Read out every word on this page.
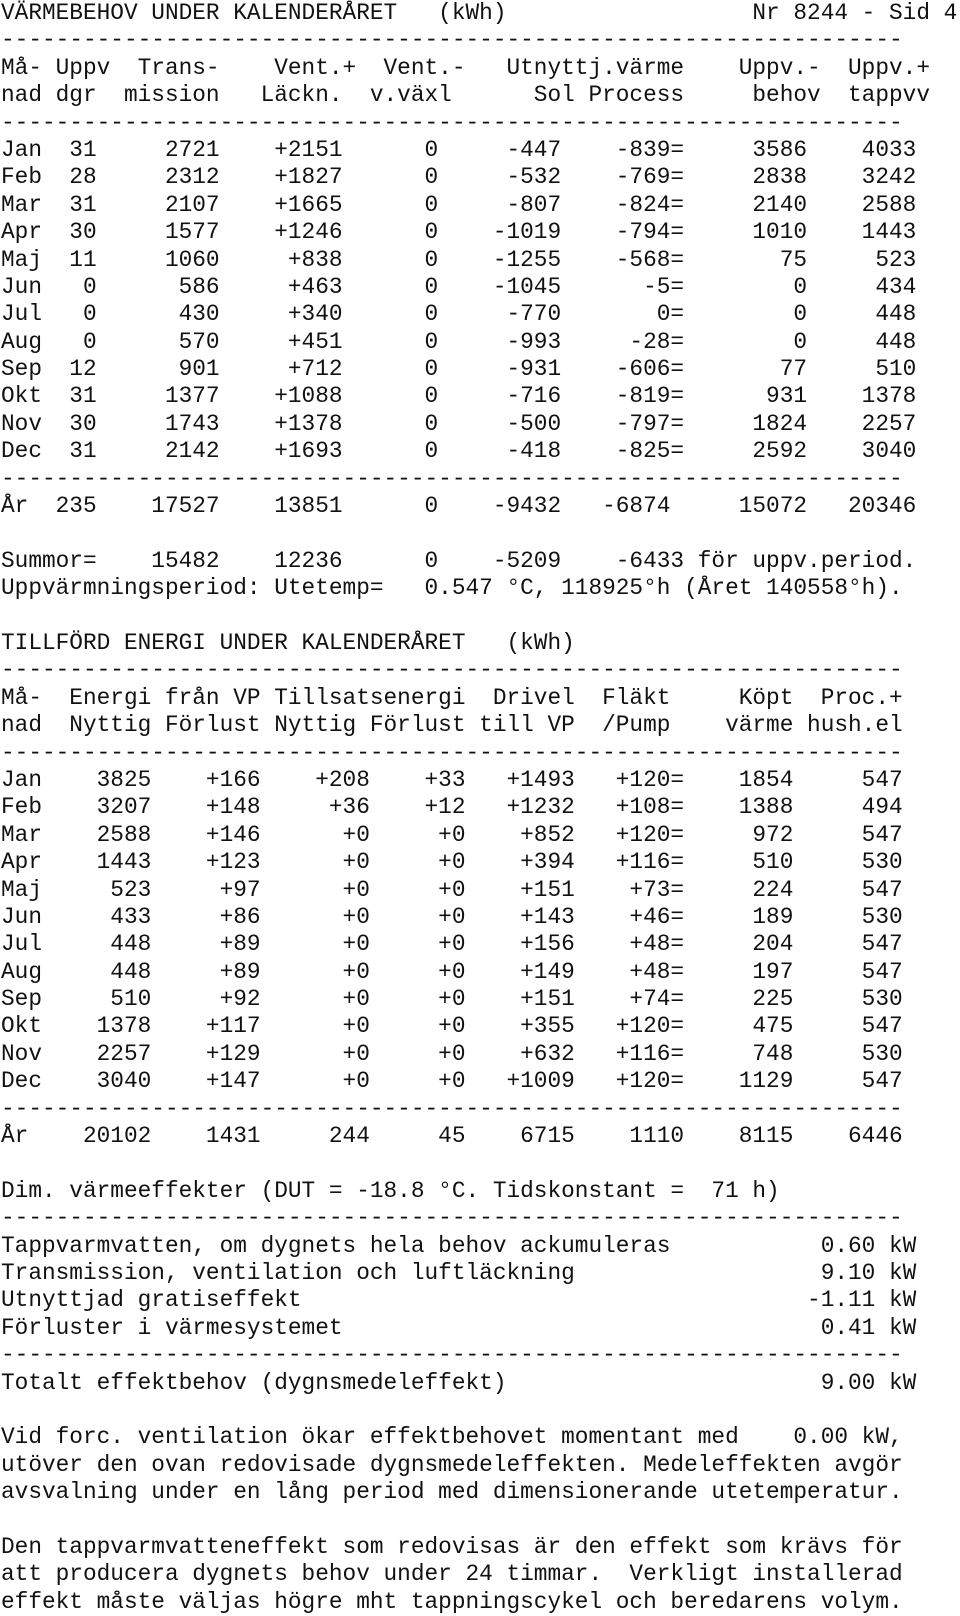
VÄRMEBEHOV UNDER KALENDERÅRET   (kWh)                  Nr 8244 - Sid 4
------------------------------------------------------------------
Må- Uppv  Trans-    Vent.+  Vent.-   Utnyttj.värme    Uppv.-  Uppv.+
nad dgr  mission   Läckn.  v.växl      Sol Process     behov  tappvv
------------------------------------------------------------------
Jan  31     2721    +2151      0     -447    -839=     3586    4033
Feb  28     2312    +1827      0     -532    -769=     2838    3242
Mar  31     2107    +1665      0     -807    -824=     2140    2588
Apr  30     1577    +1246      0    -1019    -794=     1010    1443
Maj  11     1060     +838      0    -1255    -568=       75     523
Jun   0      586     +463      0    -1045      -5=        0     434
Jul   0      430     +340      0     -770       0=        0     448
Aug   0      570     +451      0     -993     -28=        0     448
Sep  12      901     +712      0     -931    -606=       77     510
Okt  31     1377    +1088      0     -716    -819=      931    1378
Nov  30     1743    +1378      0     -500    -797=     1824    2257
Dec  31     2142    +1693      0     -418    -825=     2592    3040
------------------------------------------------------------------
År  235    17527    13851      0    -9432   -6874     15072   20346
Summor=    15482    12236      0    -5209    -6433 för uppv.period.
Uppvärmningsperiod: Utetemp=   0.547 °C, 118925°h (Året 140558°h).
TILLFÖRD ENERGI UNDER KALENDERÅRET   (kWh)
------------------------------------------------------------------
Må-  Energi från VP Tillsatsenergi  Drivel  Fläkt     Köpt  Proc.+
nad  Nyttig Förlust Nyttig Förlust till VP  /Pump    värme hush.el
------------------------------------------------------------------
Jan    3825    +166    +208    +33   +1493   +120=    1854     547
Feb    3207    +148     +36    +12   +1232   +108=    1388     494
Mar    2588    +146      +0     +0    +852   +120=     972     547
Apr    1443    +123      +0     +0    +394   +116=     510     530
Maj     523     +97      +0     +0    +151    +73=     224     547
Jun     433     +86      +0     +0    +143    +46=     189     530
Jul     448     +89      +0     +0    +156    +48=     204     547
Aug     448     +89      +0     +0    +149    +48=     197     547
Sep     510     +92      +0     +0    +151    +74=     225     530
Okt    1378    +117      +0     +0    +355   +120=     475     547
Nov    2257    +129      +0     +0    +632   +116=     748     530
Dec    3040    +147      +0     +0   +1009   +120=    1129     547
------------------------------------------------------------------
År    20102    1431     244     45    6715    1110    8115    6446
Dim. värmeeffekter (DUT = -18.8 °C. Tidskonstant =  71 h)
------------------------------------------------------------------
Tappvarmvatten, om dygnets hela behov ackumuleras           0.60 kW
Transmission, ventilation och luftläckning                  9.10 kW
Utnyttjad gratiseffekt                                     -1.11 kW
Förluster i värmesystemet                                   0.41 kW
------------------------------------------------------------------
Totalt effektbehov (dygnsmedeleffekt)                       9.00 kW
Vid forc. ventilation ökar effektbehovet momentant med    0.00 kW,
utöver den ovan redovisade dygnsmedeleffekten. Medeleffekten avgör
avsvalning under en lång period med dimensionerande utetemperatur.
Den tappvarmvatteneffekt som redovisas är den effekt som krävs för
att producera dygnets behov under 24 timmar.  Verkligt installerad
effekt måste väljas högre mht tappningscykel och beredarens volym.
